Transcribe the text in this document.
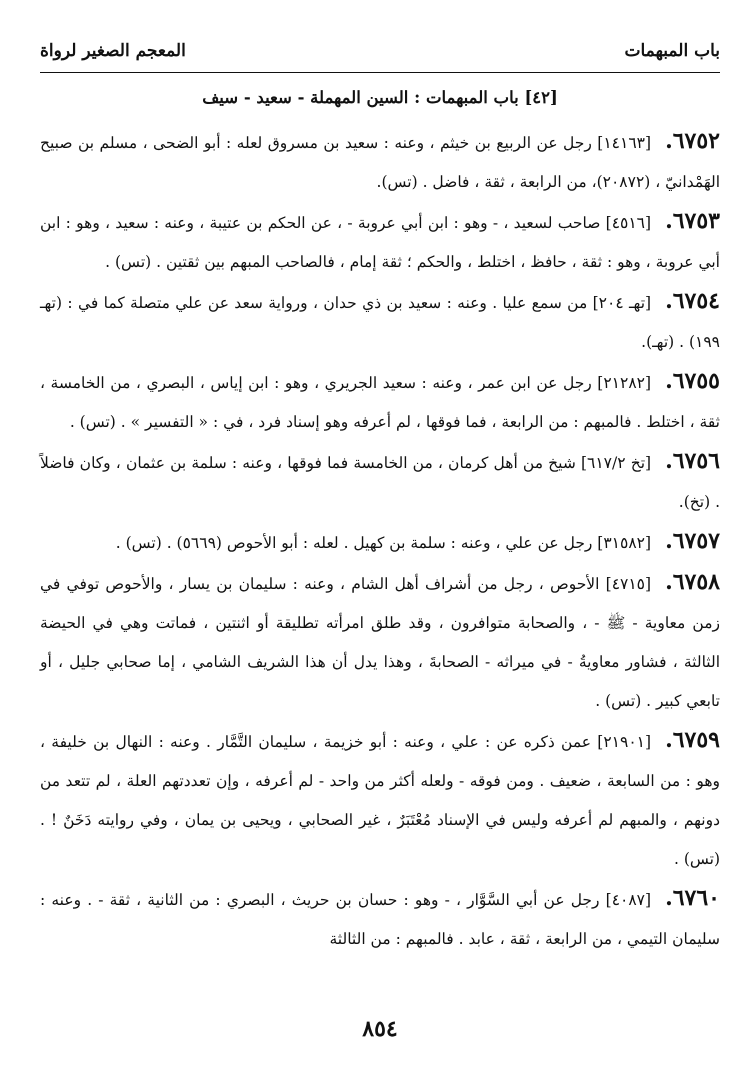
باب المبهمات
المعجم الصغير لرواة
[٤٢] باب المبهمات : السين المهملة - سعيد - سيف

٦٧٥٢.[١٤١٦٣] رجل عن الربيع بن خيثم ، وعنه : سعيد بن مسروق لعله : أبو الضحى ، مسلم بن صبيح الهَمْدانيّ ، (٢٠٨٧٢)، من الرابعة ، ثقة ، فاضل . (تس).

٦٧٥٣.[٤٥١٦] صاحب لسعيد ، - وهو : ابن أبي عروبة - ، عن الحكم بن عتيبة ، وعنه : سعيد ، وهو : ابن أبي عروبة ، وهو : ثقة ، حافظ ، اختلط ، والحكم ؛ ثقة إمام ، فالصاحب المبهم بين ثقتين . (تس) .

٦٧٥٤.[تهـ ٢٠٤] من سمع عليا . وعنه : سعيد بن ذي حدان ، ورواية سعد عن علي متصلة كما في : (تهـ ١٩٩) . (تهـ).

٦٧٥٥.[٢١٢٨٢] رجل عن ابن عمر ، وعنه : سعيد الجريري ، وهو : ابن إياس ، البصري ، من الخامسة ، ثقة ، اختلط . فالمبهم : من الرابعة ، فما فوقها ، لم أعرفه وهو إسناد فرد ، في : « التفسير » . (تس) .

٦٧٥٦.[تخ ٦١٧/٢] شيخ من أهل كرمان ، من الخامسة فما فوقها ، وعنه : سلمة بن عثمان ، وكان فاضلاً . (تخ).

٦٧٥٧.[٣١٥٨٢] رجل عن علي ، وعنه : سلمة بن كهيل . لعله : أبو الأحوص (٥٦٦٩) . (تس) .

٦٧٥٨.[٤٧١٥] الأحوص ، رجل من أشراف أهل الشام ، وعنه : سليمان بن يسار ، والأحوص توفي في زمن معاوية - ﷺ - ، والصحابة متوافرون ، وقد طلق امرأته تطليقة أو اثنتين ، فماتت وهي في الحيضة الثالثة ، فشاور معاويةُ - في ميراثه - الصحابةَ ، وهذا يدل أن هذا الشريف الشامي ، إما صحابي جليل ، أو تابعي كبير . (تس) .

٦٧٥٩.[٢١٩٠١] عمن ذكره عن : علي ، وعنه : أبو خزيمة ، سليمان التَّمَّار . وعنه : النهال بن خليفة ، وهو : من السابعة ، ضعيف . ومن فوقه - ولعله أكثر من واحد - لم أعرفه ، وإن تعددتهم العلة ، لم تتعد من دونهم ، والمبهم لم أعرفه وليس في الإسناد مُعْتَبَرٌ ، غير الصحابي ، ويحيى بن يمان ، وفي روايته دَخَنٌ ! . (تس) .

٦٧٦٠.[٤٠٨٧] رجل عن أبي السَّوَّار ، - وهو : حسان بن حريث ، البصري : من الثانية ، ثقة - . وعنه : سليمان التيمي ، من الرابعة ، ثقة ، عابد . فالمبهم : من الثالثة

٨٥٤
